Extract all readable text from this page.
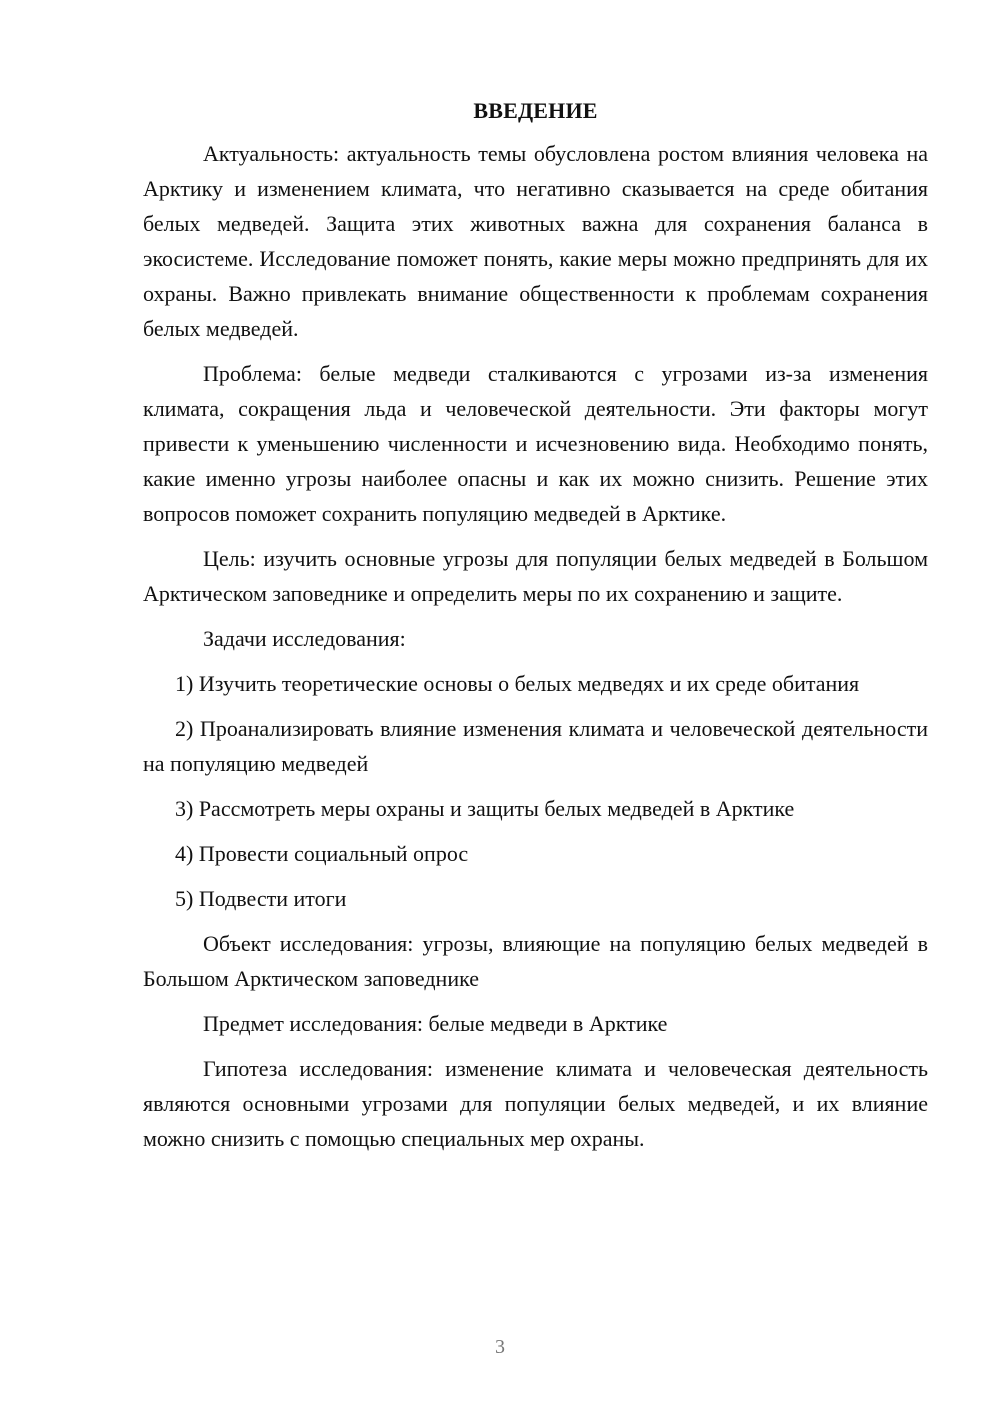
ВВЕДЕНИЕ

Актуальность: актуальность темы обусловлена ростом влияния человека на Арктику и изменением климата, что негативно сказывается на среде обитания белых медведей. Защита этих животных важна для сохранения баланса в экосистеме. Исследование поможет понять, какие меры можно предпринять для их охраны. Важно привлекать внимание общественности к проблемам сохранения белых медведей.

Проблема: белые медведи сталкиваются с угрозами из-за изменения климата, сокращения льда и человеческой деятельности. Эти факторы могут привести к уменьшению численности и исчезновению вида. Необходимо понять, какие именно угрозы наиболее опасны и как их можно снизить. Решение этих вопросов поможет сохранить популяцию медведей в Арктике.

Цель: изучить основные угрозы для популяции белых медведей в Большом Арктическом заповеднике и определить меры по их сохранению и защите.

Задачи исследования:

1) Изучить теоретические основы о белых медведях и их среде обитания

2) Проанализировать влияние изменения климата и человеческой деятельности на популяцию медведей

3) Рассмотреть меры охраны и защиты белых медведей в Арктике

4) Провести социальный опрос

5) Подвести итоги

Объект исследования: угрозы, влияющие на популяцию белых медведей в Большом Арктическом заповеднике

Предмет исследования: белые медведи в Арктике

Гипотеза исследования: изменение климата и человеческая деятельность являются основными угрозами для популяции белых медведей, и их влияние можно снизить с помощью специальных мер охраны.

3
